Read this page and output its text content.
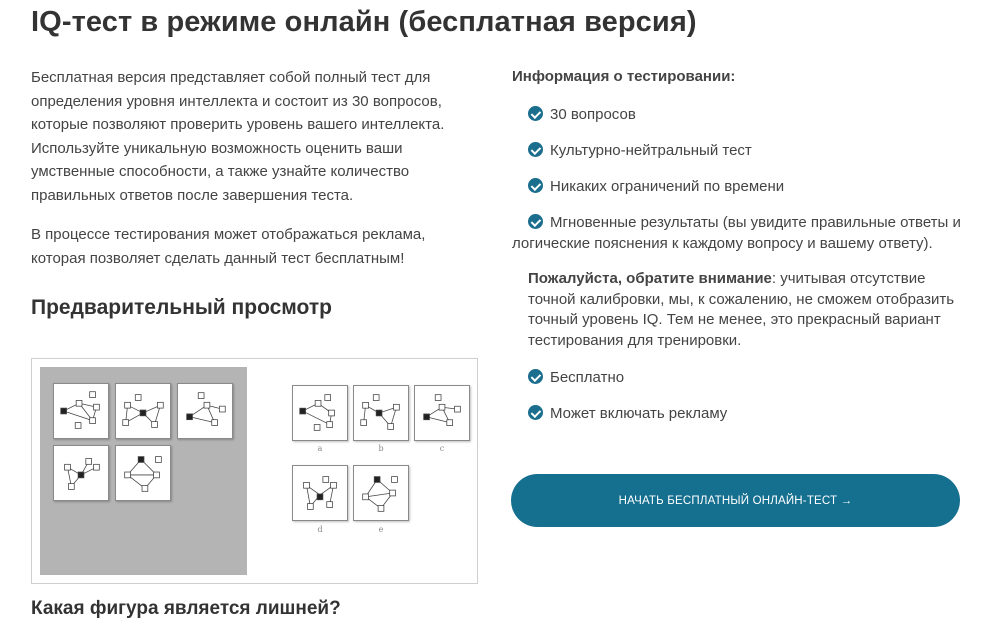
IQ-тест в режиме онлайн (бесплатная версия)

Бесплатная версия представляет собой полный тест для определения уровня интеллекта и состоит из 30 вопросов, которые позволяют проверить уровень вашего интеллекта. Используйте уникальную возможность оценить ваши умственные способности, а также узнайте количество правильных ответов после завершения теста.

В процессе тестирования может отображаться реклама, которая позволяет сделать данный тест бесплатным!

Предварительный просмотр
a	b	c
d	e
Какая фигура является лишней?
Информация о тестировании:
30 вопросов
Культурно-нейтральный тест
Никаких ограничений по времени
Мгновенные результаты (вы увидите правильные ответы и логические пояснения к каждому вопросу и вашему ответу).

Пожалуйста, обратите внимание: учитывая отсутствие точной калибровки, мы, к сожалению, не сможем отобразить точный уровень IQ. Тем не менее, это прекрасный вариант тестирования для тренировки.

Бесплатно
Может включать рекламу
НАЧАТЬ БЕСПЛАТНЫЙ ОНЛАЙН-ТЕСТ →
